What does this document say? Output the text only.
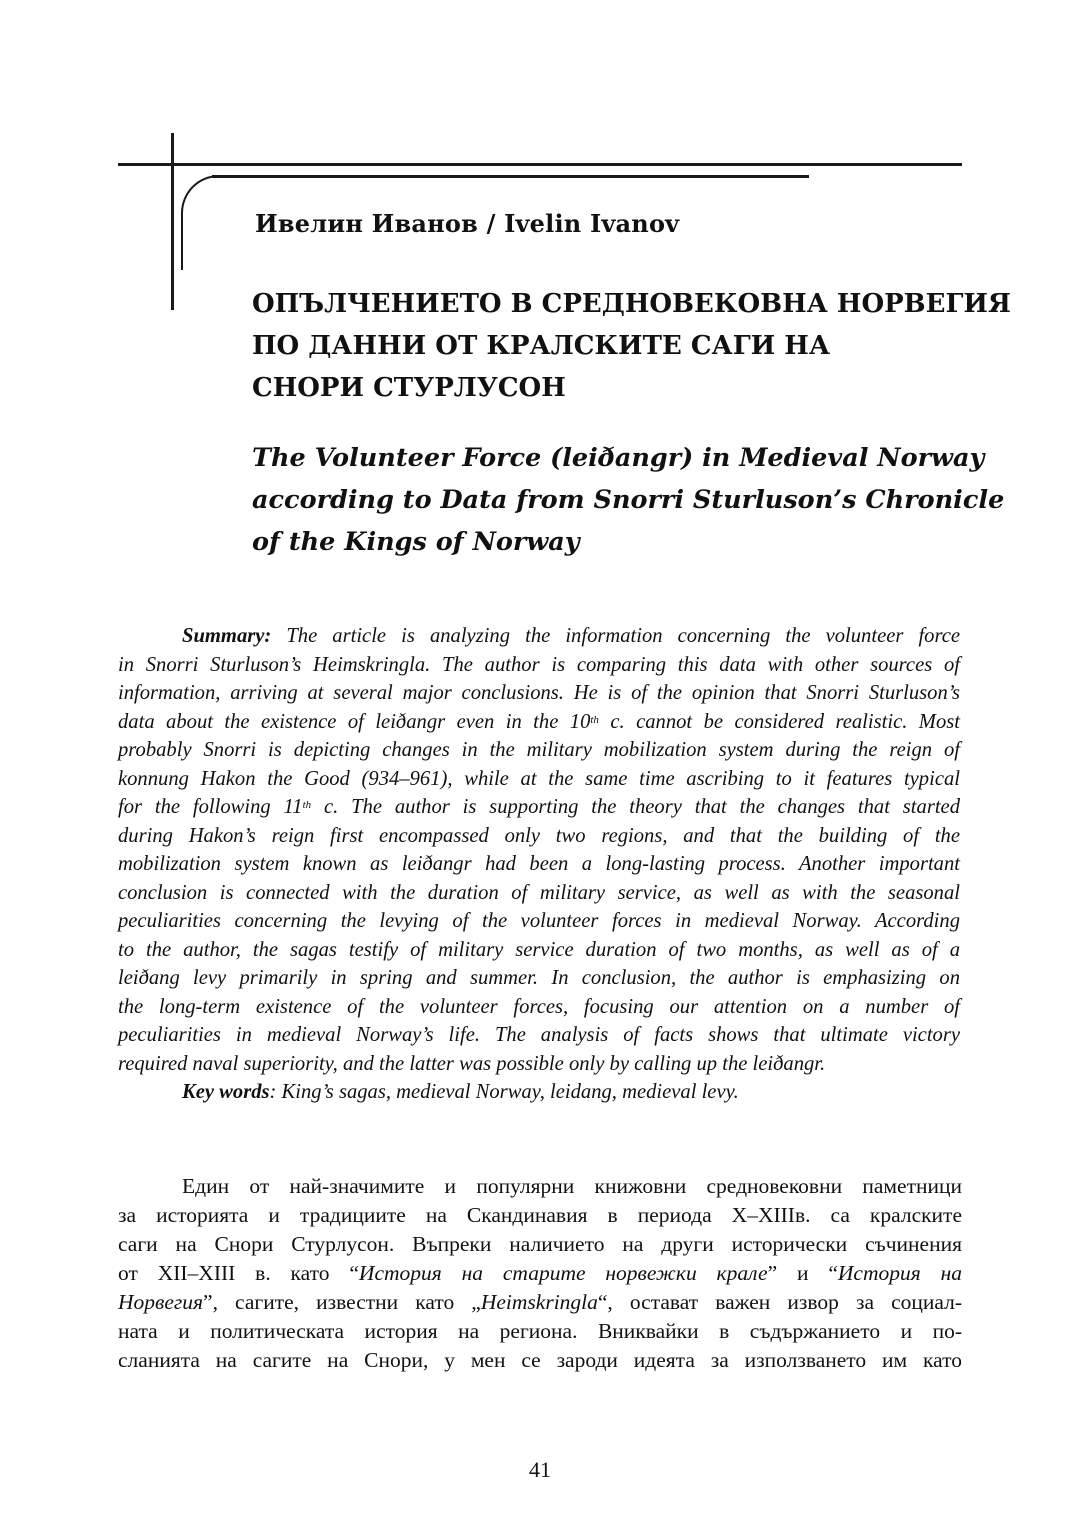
Ивелин Иванов / Ivelin Ivanov
ОПЪЛЧЕНИЕТО В СРЕДНОВЕКОВНА НОРВЕГИЯ
ПО ДАННИ ОТ КРАЛСКИТЕ САГИ НА
СНОРИ СТУРЛУСОН
The Volunteer Force (leiðangr) in Medieval Norway
according to Data from Snorri Sturluson’s Chronicle
of the Kings of Norway
Summary: The article is analyzing the information concerning the volunteer force
in Snorri Sturluson’s Heimskringla. The author is comparing this data with other sources of
information, arriving at several major conclusions. He is of the opinion that Snorri Sturluson’s
data about the existence of leiðangr even in the 10th c. cannot be considered realistic. Most
probably Snorri is depicting changes in the military mobilization system during the reign of
konnung Hakon the Good (934–961), while at the same time ascribing to it features typical
for the following 11th c. The author is supporting the theory that the changes that started
during Hakon’s reign first encompassed only two regions, and that the building of the
mobilization system known as leiðangr had been a long-lasting process. Another important
conclusion is connected with the duration of military service, as well as with the seasonal
peculiarities concerning the levying of the volunteer forces in medieval Norway. According
to the author, the sagas testify of military service duration of two months, as well as of a
leiðang levy primarily in spring and summer. In conclusion, the author is emphasizing on
the long-term existence of the volunteer forces, focusing our attention on a number of
peculiarities in medieval Norway’s life. The analysis of facts shows that ultimate victory
required naval superiority, and the latter was possible only by calling up the leiðangr.
Key words: King’s sagas, medieval Norway, leidang, medieval levy.
Един от най-значимите и популярни книжовни средновековни паметници
за историята и традициите на Скандинавия в периода X–XIIIв. са кралските
саги на Снори Стурлусон. Въпреки наличието на други исторически съчинения
от XII–XIII в. като “История на старите норвежки крале” и “История на
Норвегия”, сагите, известни като „Heimskringla“, остават важен извор за социал-
ната и политическата история на региона. Вниквайки в съдържанието и по-
сланията на сагите на Снори, у мен се зароди идеята за използването им като
41
